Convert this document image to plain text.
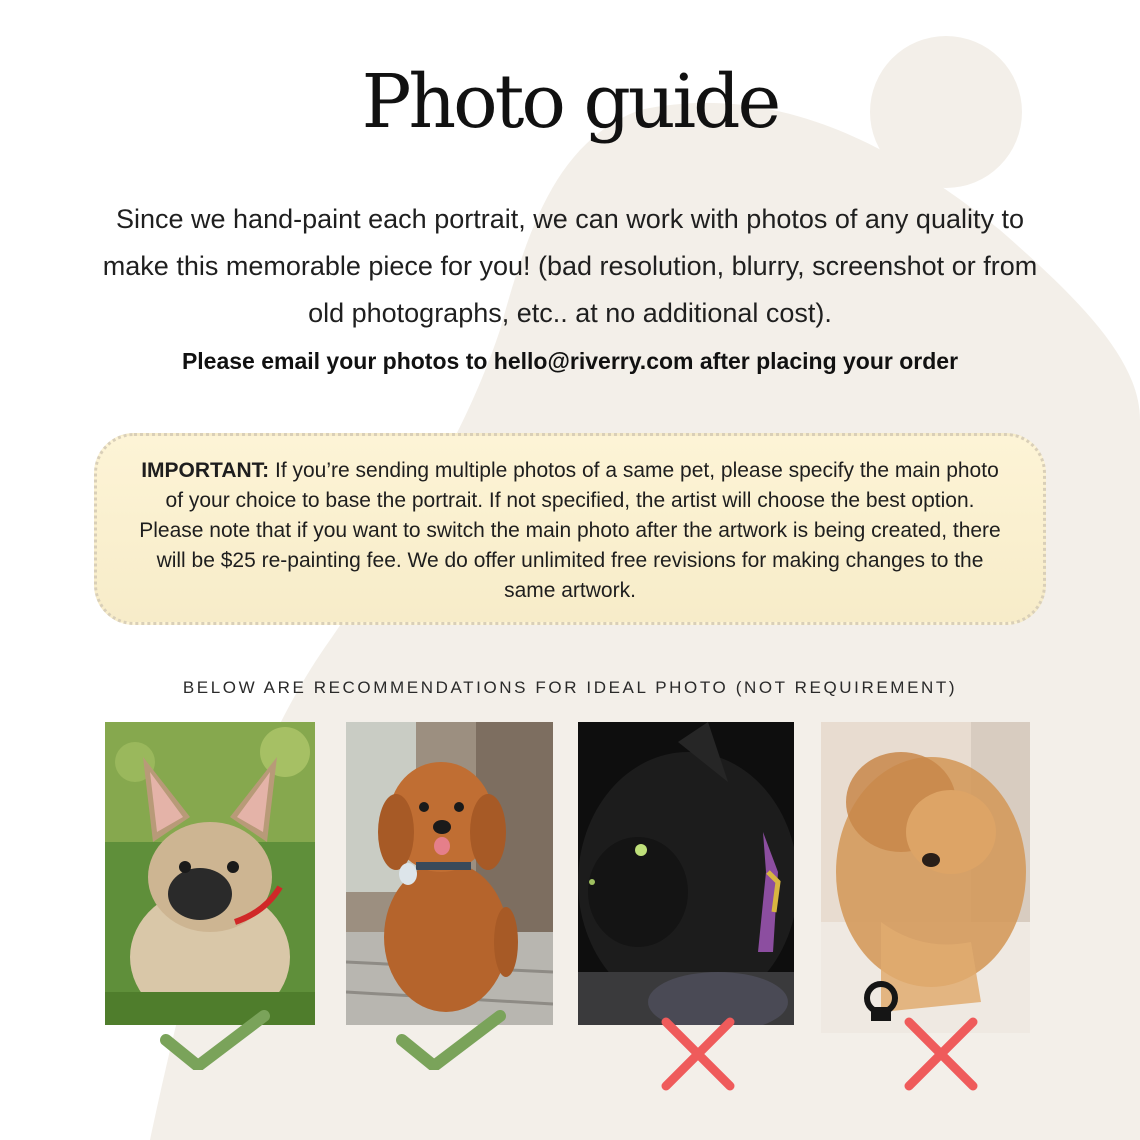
Photo guide
Since we hand-paint each portrait, we can work with photos of any quality to make this memorable piece for you! (bad resolution, blurry, screenshot or from old photographs, etc.. at no additional cost).
Please email your photos to hello@riverry.com after placing your order
IMPORTANT: If you’re sending multiple photos of a same pet, please specify the main photo of your choice to base the portrait. If not specified, the artist will choose the best option. Please note that if you want to switch the main photo after the artwork is being created, there will be $25 re-painting fee. We do offer unlimited free revisions for making changes to the same artwork.
BELOW ARE RECOMMENDATIONS FOR IDEAL PHOTO (NOT REQUIREMENT)
